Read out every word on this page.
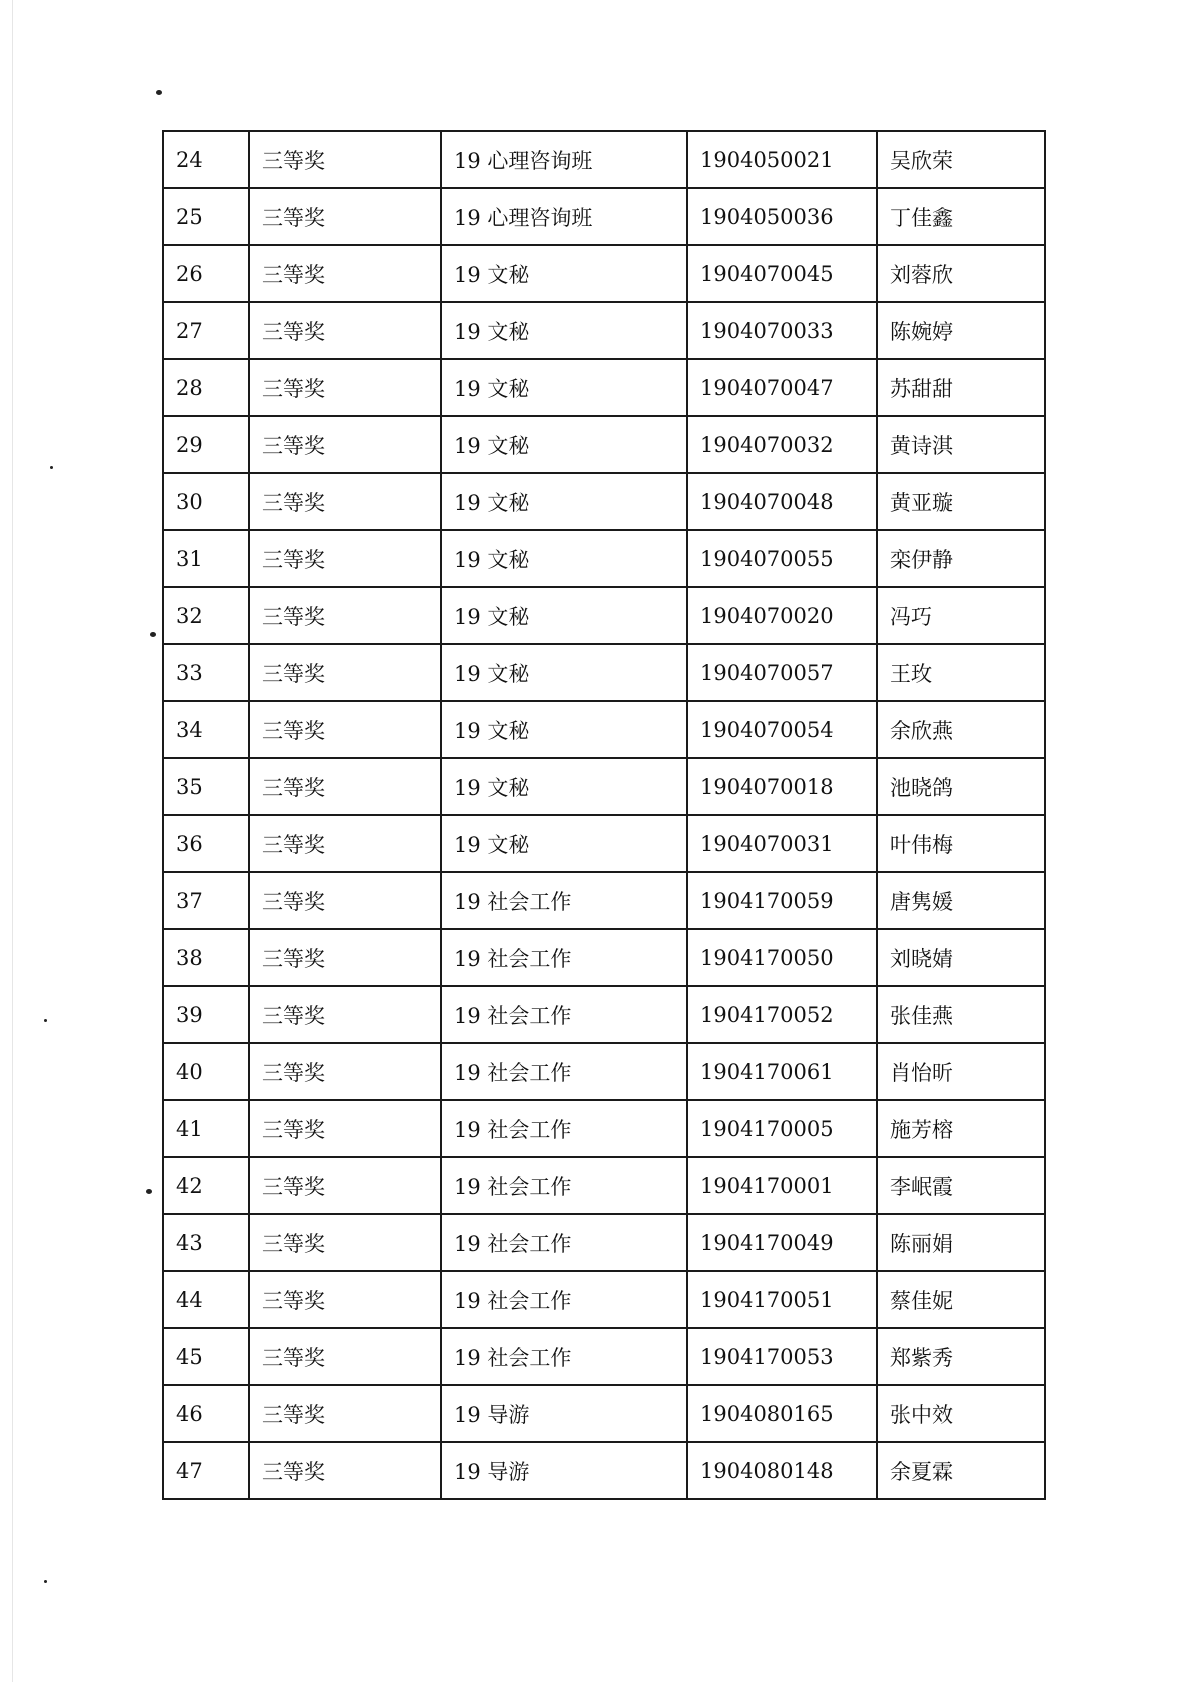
24	三等奖	19 心理咨询班	1904050021	吴欣荣
25	三等奖	19 心理咨询班	1904050036	丁佳鑫
26	三等奖	19 文秘	1904070045	刘蓉欣
27	三等奖	19 文秘	1904070033	陈婉婷
28	三等奖	19 文秘	1904070047	苏甜甜
29	三等奖	19 文秘	1904070032	黄诗淇
30	三等奖	19 文秘	1904070048	黄亚璇
31	三等奖	19 文秘	1904070055	栾伊静
32	三等奖	19 文秘	1904070020	冯巧
33	三等奖	19 文秘	1904070057	王玫
34	三等奖	19 文秘	1904070054	余欣燕
35	三等奖	19 文秘	1904070018	池晓鸽
36	三等奖	19 文秘	1904070031	叶伟梅
37	三等奖	19 社会工作	1904170059	唐隽媛
38	三等奖	19 社会工作	1904170050	刘晓婧
39	三等奖	19 社会工作	1904170052	张佳燕
40	三等奖	19 社会工作	1904170061	肖怡昕
41	三等奖	19 社会工作	1904170005	施芳榕
42	三等奖	19 社会工作	1904170001	李岷霞
43	三等奖	19 社会工作	1904170049	陈丽娟
44	三等奖	19 社会工作	1904170051	蔡佳妮
45	三等奖	19 社会工作	1904170053	郑紫秀
46	三等奖	19 导游	1904080165	张中效
47	三等奖	19 导游	1904080148	余夏霖
